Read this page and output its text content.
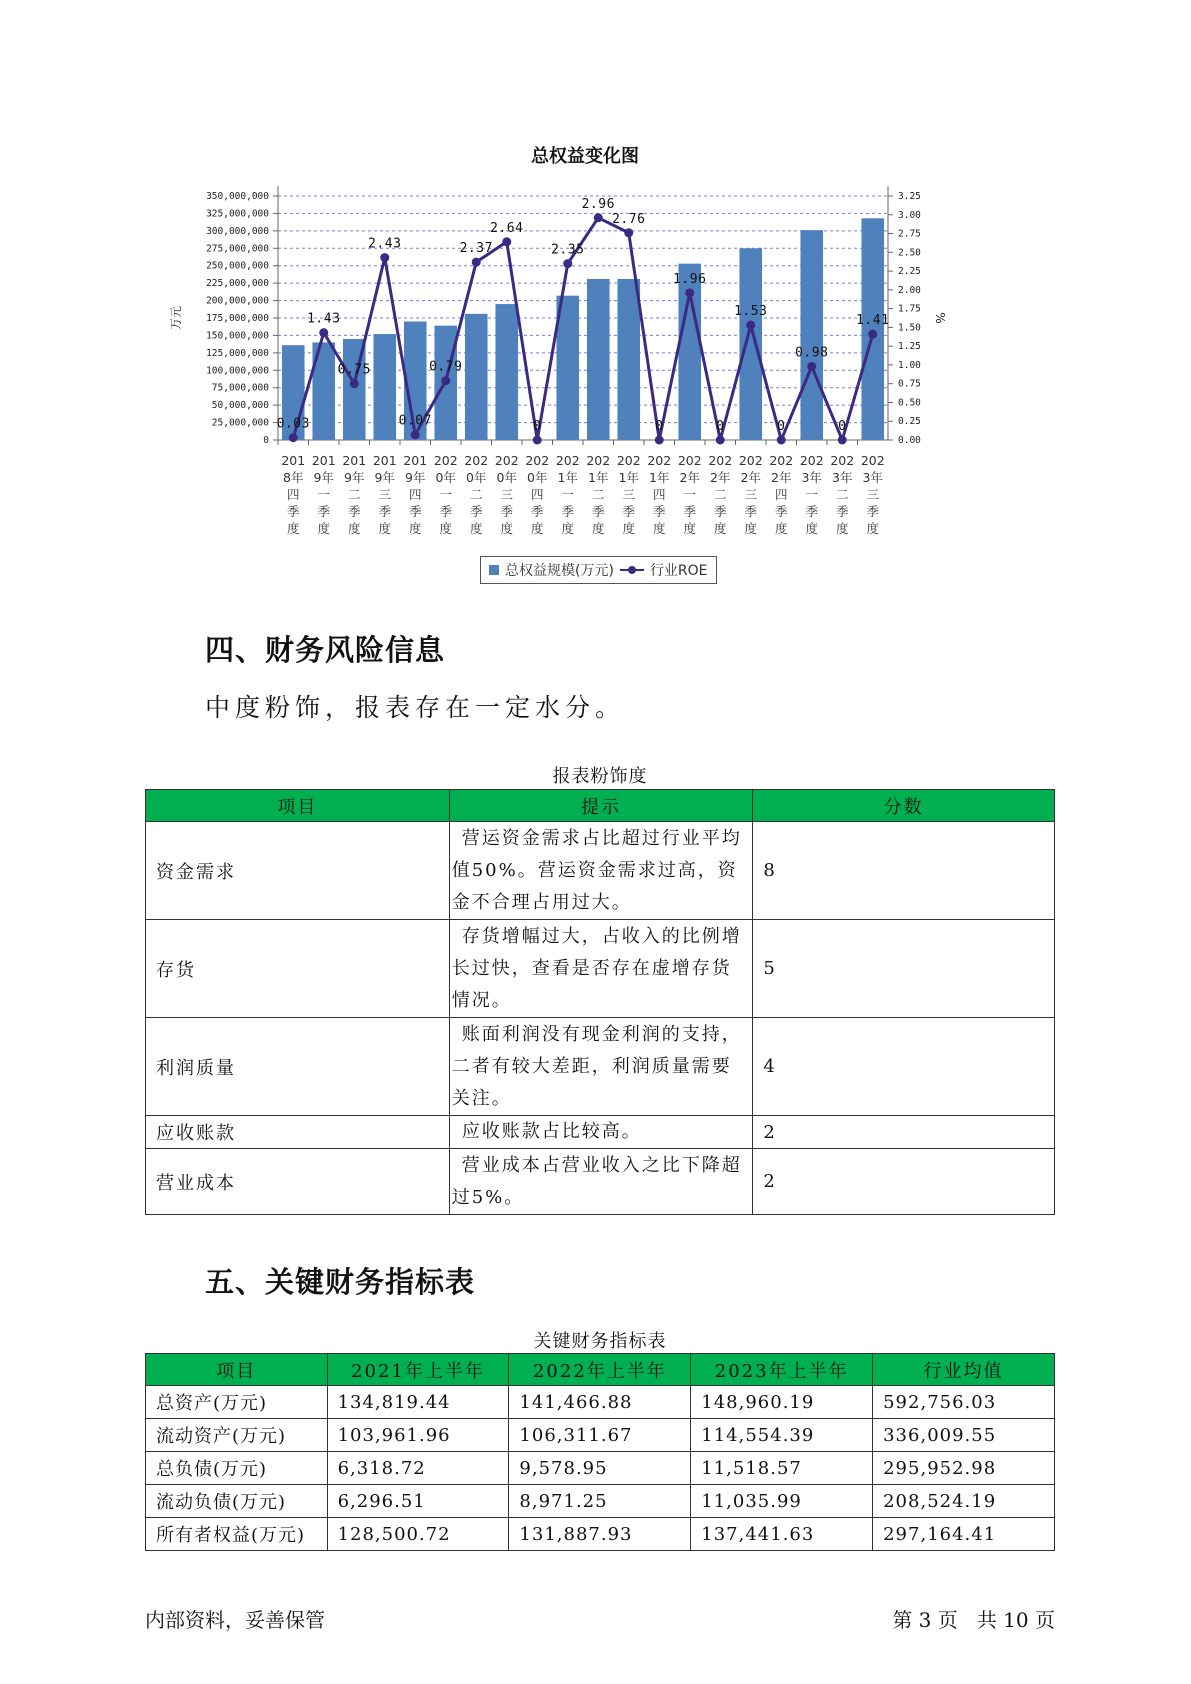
0
25,000,000
50,000,000
75,000,000
100,000,000
125,000,000
150,000,000
175,000,000
200,000,000
225,000,000
250,000,000
275,000,000
300,000,000
325,000,000
350,000,000
0.00
0.25
0.50
0.75
1.00
1.25
1.50
1.75
2.00
2.25
2.50
2.75
3.00
3.25
万元	%
0.03
1.43
0.75
2.43
0.07
0.79
2.37
2.64
0
2.35
2.96
2.76
0
1.96
0
1.53
0
0.98
0
1.41
201
8年
四
季
度
201
9年
一
季
度
201
9年
二
季
度
201
9年
三
季
度
201
9年
四
季
度
202
0年
一
季
度
202
0年
二
季
度
202
0年
三
季
度
202
0年
四
季
度
202
1年
一
季
度
202
1年
二
季
度
202
1年
三
季
度
202
1年
四
季
度
202
2年
一
季
度
202
2年
二
季
度
202
2年
三
季
度
202
2年
四
季
度
202
3年
一
季
度
202
3年
二
季
度
202
3年
三
季
度
总权益变化图
总权益规模(万元)	行业ROE
四、财务风险信息
中度粉饰，报表存在一定水分。
报表粉饰度
项目	提示	分数
资金需求	营运资金需求占比超过行业平均值50%。营运资金需求过高，资金不合理占用过大。	8
存货	存货增幅过大，占收入的比例增长过快，查看是否存在虚增存货情况。	5
利润质量	账面利润没有现金利润的支持，二者有较大差距，利润质量需要关注。	4
应收账款	应收账款占比较高。	2
营业成本	营业成本占营业收入之比下降超过5%。	2
五、关键财务指标表
关键财务指标表
项目	2021年上半年	2022年上半年	2023年上半年	行业均值
总资产(万元)	134,819.44	141,466.88	148,960.19	592,756.03
流动资产(万元)	103,961.96	106,311.67	114,554.39	336,009.55
总负债(万元)	6,318.72	9,578.95	11,518.57	295,952.98
流动负债(万元)	6,296.51	8,971.25	11,035.99	208,524.19
所有者权益(万元)	128,500.72	131,887.93	137,441.63	297,164.41
内部资料，妥善保管	第 3 页   共 10 页
